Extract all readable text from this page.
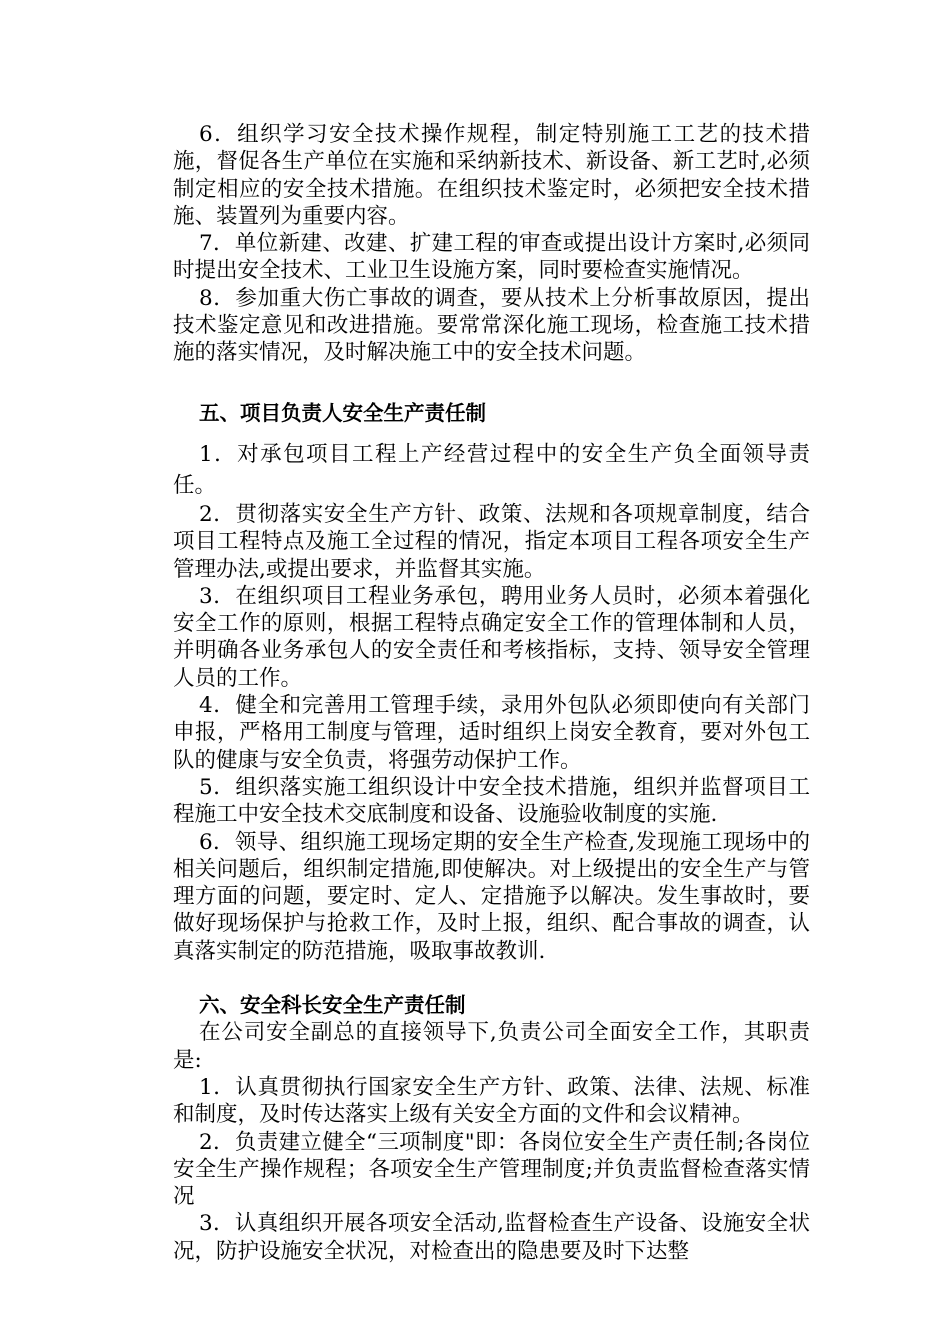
6．组织学习安全技术操作规程，制定特别施工工艺的技术措施，督促各生产单位在实施和采纳新技术、新设备、新工艺时,必须制定相应的安全技术措施。在组织技术鉴定时，必须把安全技术措施、装置列为重要内容。

7．单位新建、改建、扩建工程的审查或提出设计方案时,必须同时提出安全技术、工业卫生设施方案，同时要检查实施情况。

8．参加重大伤亡事故的调查，要从技术上分析事故原因，提出技术鉴定意见和改进措施。要常常深化施工现场，检查施工技术措施的落实情况，及时解决施工中的安全技术问题。

五、项目负责人安全生产责任制

1．对承包项目工程上产经营过程中的安全生产负全面领导责任。

2．贯彻落实安全生产方针、政策、法规和各项规章制度，结合项目工程特点及施工全过程的情况，指定本项目工程各项安全生产管理办法,或提出要求，并监督其实施。

3．在组织项目工程业务承包，聘用业务人员时，必须本着强化安全工作的原则，根据工程特点确定安全工作的管理体制和人员，并明确各业务承包人的安全责任和考核指标，支持、领导安全管理人员的工作。

4．健全和完善用工管理手续，录用外包队必须即使向有关部门申报，严格用工制度与管理，适时组织上岗安全教育，要对外包工队的健康与安全负责，将强劳动保护工作。

5．组织落实施工组织设计中安全技术措施，组织并监督项目工程施工中安全技术交底制度和设备、设施验收制度的实施.

6．领导、组织施工现场定期的安全生产检查,发现施工现场中的相关问题后，组织制定措施,即使解决。对上级提出的安全生产与管理方面的问题，要定时、定人、定措施予以解决。发生事故时，要做好现场保护与抢救工作，及时上报，组织、配合事故的调查，认真落实制定的防范措施，吸取事故教训.

六、安全科长安全生产责任制

在公司安全副总的直接领导下,负责公司全面安全工作，其职责是:

1．认真贯彻执行国家安全生产方针、政策、法律、法规、标准和制度，及时传达落实上级有关安全方面的文件和会议精神。

2．负责建立健全“三项制度"即：各岗位安全生产责任制;各岗位安全生产操作规程；各项安全生产管理制度;并负责监督检查落实情况

3．认真组织开展各项安全活动,监督检查生产设备、设施安全状况，防护设施安全状况，对检查出的隐患要及时下达整
